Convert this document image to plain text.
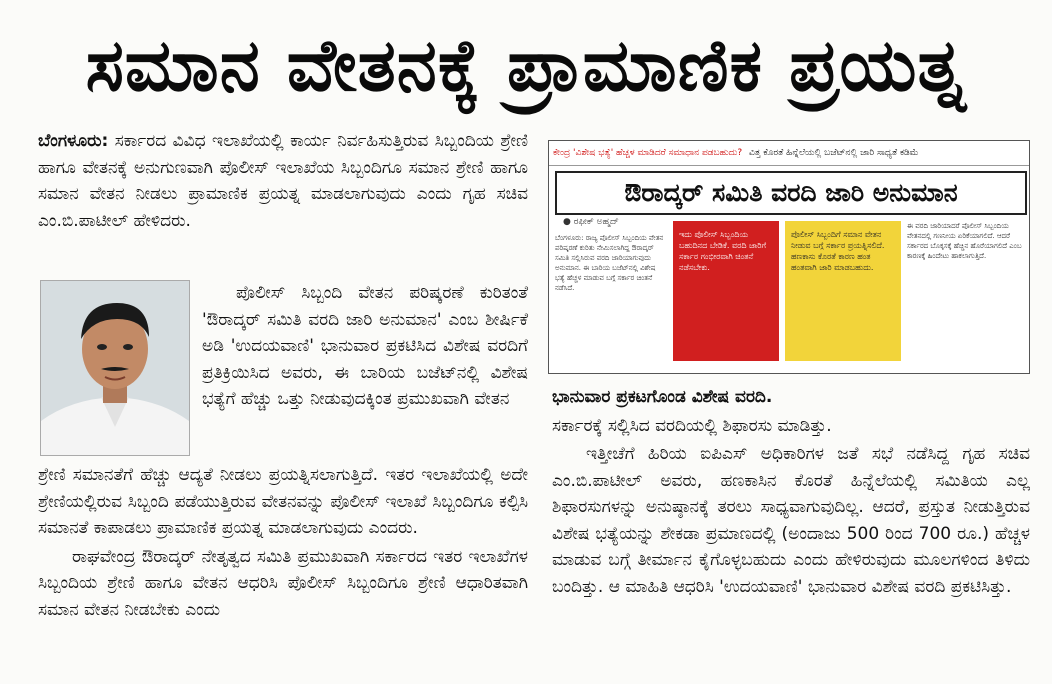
ಸಮಾನ ವೇತನಕ್ಕೆ ಪ್ರಾಮಾಣಿಕ ಪ್ರಯತ್ನ

ಬೆಂಗಳೂರು: ಸರ್ಕಾರದ ವಿವಿಧ ಇಲಾಖೆಯಲ್ಲಿ ಕಾರ್ಯ ನಿರ್ವಹಿಸುತ್ತಿರುವ ಸಿಬ್ಬಂದಿಯ ಶ್ರೇಣಿ ಹಾಗೂ ವೇತನಕ್ಕೆ ಅನುಗುಣವಾಗಿ ಪೊಲೀಸ್ ಇಲಾಖೆಯ ಸಿಬ್ಬಂದಿಗೂ ಸಮಾನ ಶ್ರೇಣಿ ಹಾಗೂ ಸಮಾನ ವೇತನ ನೀಡಲು ಪ್ರಾಮಾಣಿಕ ಪ್ರಯತ್ನ ಮಾಡಲಾಗುವುದು ಎಂದು ಗೃಹ ಸಚಿವ ಎಂ.ಬಿ.ಪಾಟೀಲ್ ಹೇಳಿದರು.

ಪೊಲೀಸ್ ಸಿಬ್ಬಂದಿ ವೇತನ ಪರಿಷ್ಕರಣೆ ಕುರಿತಂತೆ 'ಔರಾದ್ಕರ್ ಸಮಿತಿ ವರದಿ ಜಾರಿ ಅನುಮಾನ' ಎಂಬ ಶೀರ್ಷಿಕೆ ಅಡಿ 'ಉದಯವಾಣಿ' ಭಾನುವಾರ ಪ್ರಕಟಿಸಿದ ವಿಶೇಷ ವರದಿಗೆ ಪ್ರತಿಕ್ರಿಯಿಸಿದ ಅವರು, ಈ ಬಾರಿಯ ಬಜೆಟ್‌ನಲ್ಲಿ ವಿಶೇಷ ಭತ್ಯೆಗೆ ಹೆಚ್ಚು ಒತ್ತು ನೀಡುವುದಕ್ಕಿಂತ ಪ್ರಮುಖವಾಗಿ ವೇತನ

ಶ್ರೇಣಿ ಸಮಾನತೆಗೆ ಹೆಚ್ಚು ಆದ್ಯತೆ ನೀಡಲು ಪ್ರಯತ್ನಿಸಲಾಗುತ್ತಿದೆ. ಇತರ ಇಲಾಖೆಯಲ್ಲಿ ಅದೇ ಶ್ರೇಣಿಯಲ್ಲಿರುವ ಸಿಬ್ಬಂದಿ ಪಡೆಯುತ್ತಿರುವ ವೇತನವನ್ನು ಪೊಲೀಸ್ ಇಲಾಖೆ ಸಿಬ್ಬಂದಿಗೂ ಕಲ್ಪಿಸಿ ಸಮಾನತೆ ಕಾಪಾಡಲು ಪ್ರಾಮಾಣಿಕ ಪ್ರಯತ್ನ ಮಾಡಲಾಗುವುದು ಎಂದರು.

ರಾಘವೇಂದ್ರ ಔರಾದ್ಕರ್ ನೇತೃತ್ವದ ಸಮಿತಿ ಪ್ರಮುಖವಾಗಿ ಸರ್ಕಾರದ ಇತರ ಇಲಾಖೆಗಳ ಸಿಬ್ಬಂದಿಯ ಶ್ರೇಣಿ ಹಾಗೂ ವೇತನ ಆಧರಿಸಿ ಪೊಲೀಸ್ ಸಿಬ್ಬಂದಿಗೂ ಶ್ರೇಣಿ ಆಧಾರಿತವಾಗಿ ಸಮಾನ ವೇತನ ನೀಡಬೇಕು ಎಂದು

ಕೇಂದ್ರ 'ವಿಶೇಷ ಭತ್ಯೆ' ಹೆಚ್ಚಳ ಮಾಡಿದರೆ ಸಮಾಧಾನ ಪಡಬಹುದು? ವಿತ್ತ ಕೊರತೆ ಹಿನ್ನೆಲೆಯಲ್ಲಿ ಬಜೆಟ್‌ನಲ್ಲಿ ಜಾರಿ ಸಾಧ್ಯತೆ ಕಡಿಮೆ
ಔರಾದ್ಕರ್ ಸಮಿತಿ ವರದಿ ಜಾರಿ ಅನುಮಾನ
● ರಫೀಕ್ ಅಹ್ಮದ್
ಬೆಂಗಳೂರು: ರಾಜ್ಯ ಪೊಲೀಸ್ ಸಿಬ್ಬಂದಿಯ ವೇತನ ಪರಿಷ್ಕರಣೆ ಕುರಿತು ನೇಮಿಸಲಾಗಿದ್ದ ಔರಾದ್ಕರ್ ಸಮಿತಿ ಸಲ್ಲಿಸಿರುವ ವರದಿ ಜಾರಿಯಾಗುವುದು ಅನುಮಾನ. ಈ ಬಾರಿಯ ಬಜೆಟ್‌ನಲ್ಲಿ ವಿಶೇಷ ಭತ್ಯೆ ಹೆಚ್ಚಳ ಮಾಡುವ ಬಗ್ಗೆ ಸರ್ಕಾರ ಚಿಂತನೆ ನಡೆಸಿದೆ.
ಇದು ಪೊಲೀಸ್ ಸಿಬ್ಬಂದಿಯ ಬಹುದಿನದ ಬೇಡಿಕೆ. ವರದಿ ಜಾರಿಗೆ ಸರ್ಕಾರ ಗಂಭೀರವಾಗಿ ಚಿಂತನೆ ನಡೆಸಬೇಕು.
ಪೊಲೀಸ್ ಸಿಬ್ಬಂದಿಗೆ ಸಮಾನ ವೇತನ ನೀಡುವ ಬಗ್ಗೆ ಸರ್ಕಾರ ಪ್ರಯತ್ನಿಸಲಿದೆ. ಹಣಕಾಸು ಕೊರತೆ ಕಾರಣ ಹಂತ ಹಂತವಾಗಿ ಜಾರಿ ಮಾಡಬಹುದು.
ಈ ವರದಿ ಜಾರಿಯಾದರೆ ಪೊಲೀಸ್ ಸಿಬ್ಬಂದಿಯ ವೇತನದಲ್ಲಿ ಗಣನೀಯ ಏರಿಕೆಯಾಗಲಿದೆ. ಆದರೆ ಸರ್ಕಾರದ ಬೊಕ್ಕಸಕ್ಕೆ ಹೆಚ್ಚಿನ ಹೊರೆಯಾಗಲಿದೆ ಎಂಬ ಕಾರಣಕ್ಕೆ ಹಿಂದೇಟು ಹಾಕಲಾಗುತ್ತಿದೆ.

ಭಾನುವಾರ ಪ್ರಕಟಗೊಂಡ ವಿಶೇಷ ವರದಿ.

ಸರ್ಕಾರಕ್ಕೆ ಸಲ್ಲಿಸಿದ ವರದಿಯಲ್ಲಿ ಶಿಫಾರಸು ಮಾಡಿತ್ತು.

ಇತ್ತೀಚೆಗೆ ಹಿರಿಯ ಐಪಿಎಸ್ ಅಧಿಕಾರಿಗಳ ಜತೆ ಸಭೆ ನಡೆಸಿದ್ದ ಗೃಹ ಸಚಿವ ಎಂ.ಬಿ.ಪಾಟೀಲ್ ಅವರು, ಹಣಕಾಸಿನ ಕೊರತೆ ಹಿನ್ನೆಲೆಯಲ್ಲಿ ಸಮಿತಿಯ ಎಲ್ಲ ಶಿಫಾರಸುಗಳನ್ನು ಅನುಷ್ಠಾನಕ್ಕೆ ತರಲು ಸಾಧ್ಯವಾಗುವುದಿಲ್ಲ. ಆದರೆ, ಪ್ರಸ್ತುತ ನೀಡುತ್ತಿರುವ ವಿಶೇಷ ಭತ್ಯೆಯನ್ನು ಶೇಕಡಾ ಪ್ರಮಾಣದಲ್ಲಿ (ಅಂದಾಜು 500 ರಿಂದ 700 ರೂ.) ಹೆಚ್ಚಳ ಮಾಡುವ ಬಗ್ಗೆ ತೀರ್ಮಾನ ಕೈಗೊಳ್ಳಬಹುದು ಎಂದು ಹೇಳಿರುವುದು ಮೂಲಗಳಿಂದ ತಿಳಿದು ಬಂದಿತ್ತು. ಆ ಮಾಹಿತಿ ಆಧರಿಸಿ 'ಉದಯವಾಣಿ' ಭಾನುವಾರ ವಿಶೇಷ ವರದಿ ಪ್ರಕಟಿಸಿತ್ತು.
